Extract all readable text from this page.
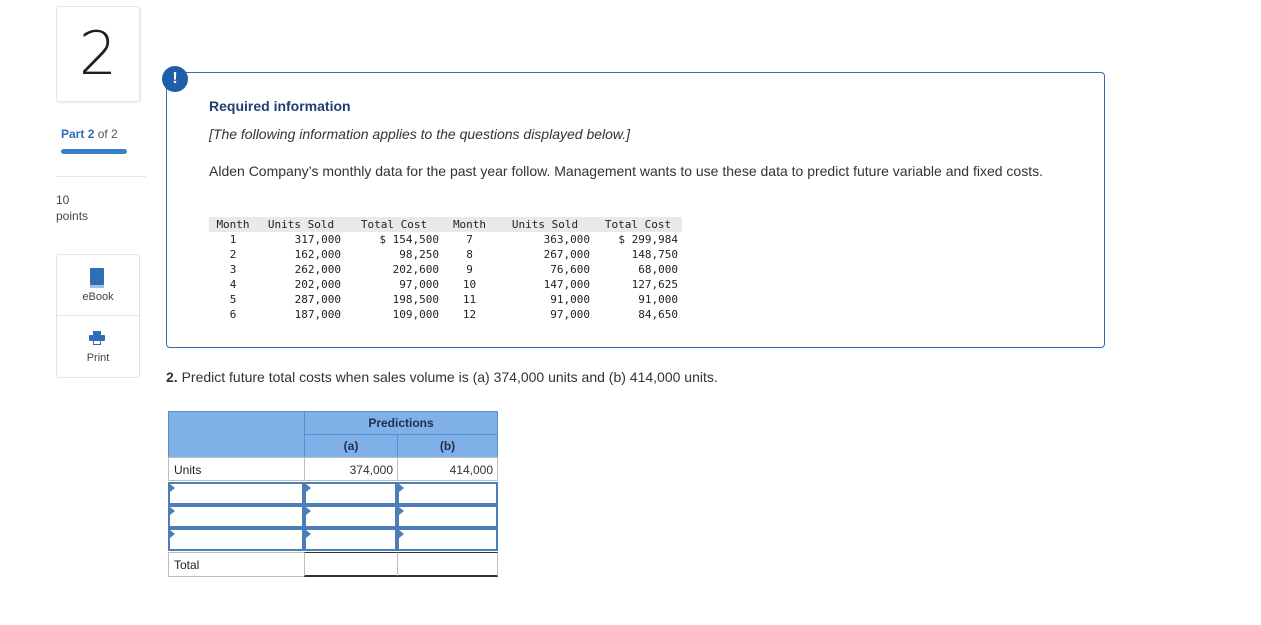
2
Part 2 of 2
10
points
eBook
Print
!
Required information
[The following information applies to the questions displayed below.]
Alden Company’s monthly data for the past year follow. Management wants to use these data to predict future variable and fixed costs.
Month	Units Sold	Total Cost	Month	Units Sold	Total Cost
1	317,000	$ 154,500	7	363,000	$ 299,984
2	162,000	98,250	8	267,000	148,750
3	262,000	202,600	9	76,600	68,000
4	202,000	97,000	10	147,000	127,625
5	287,000	198,500	11	91,000	91,000
6	187,000	109,000	12	97,000	84,650
2. Predict future total costs when sales volume is (a) 374,000 units and (b) 414,000 units.
Predictions
(a)	(b)
Units	374,000	414,000
Total
